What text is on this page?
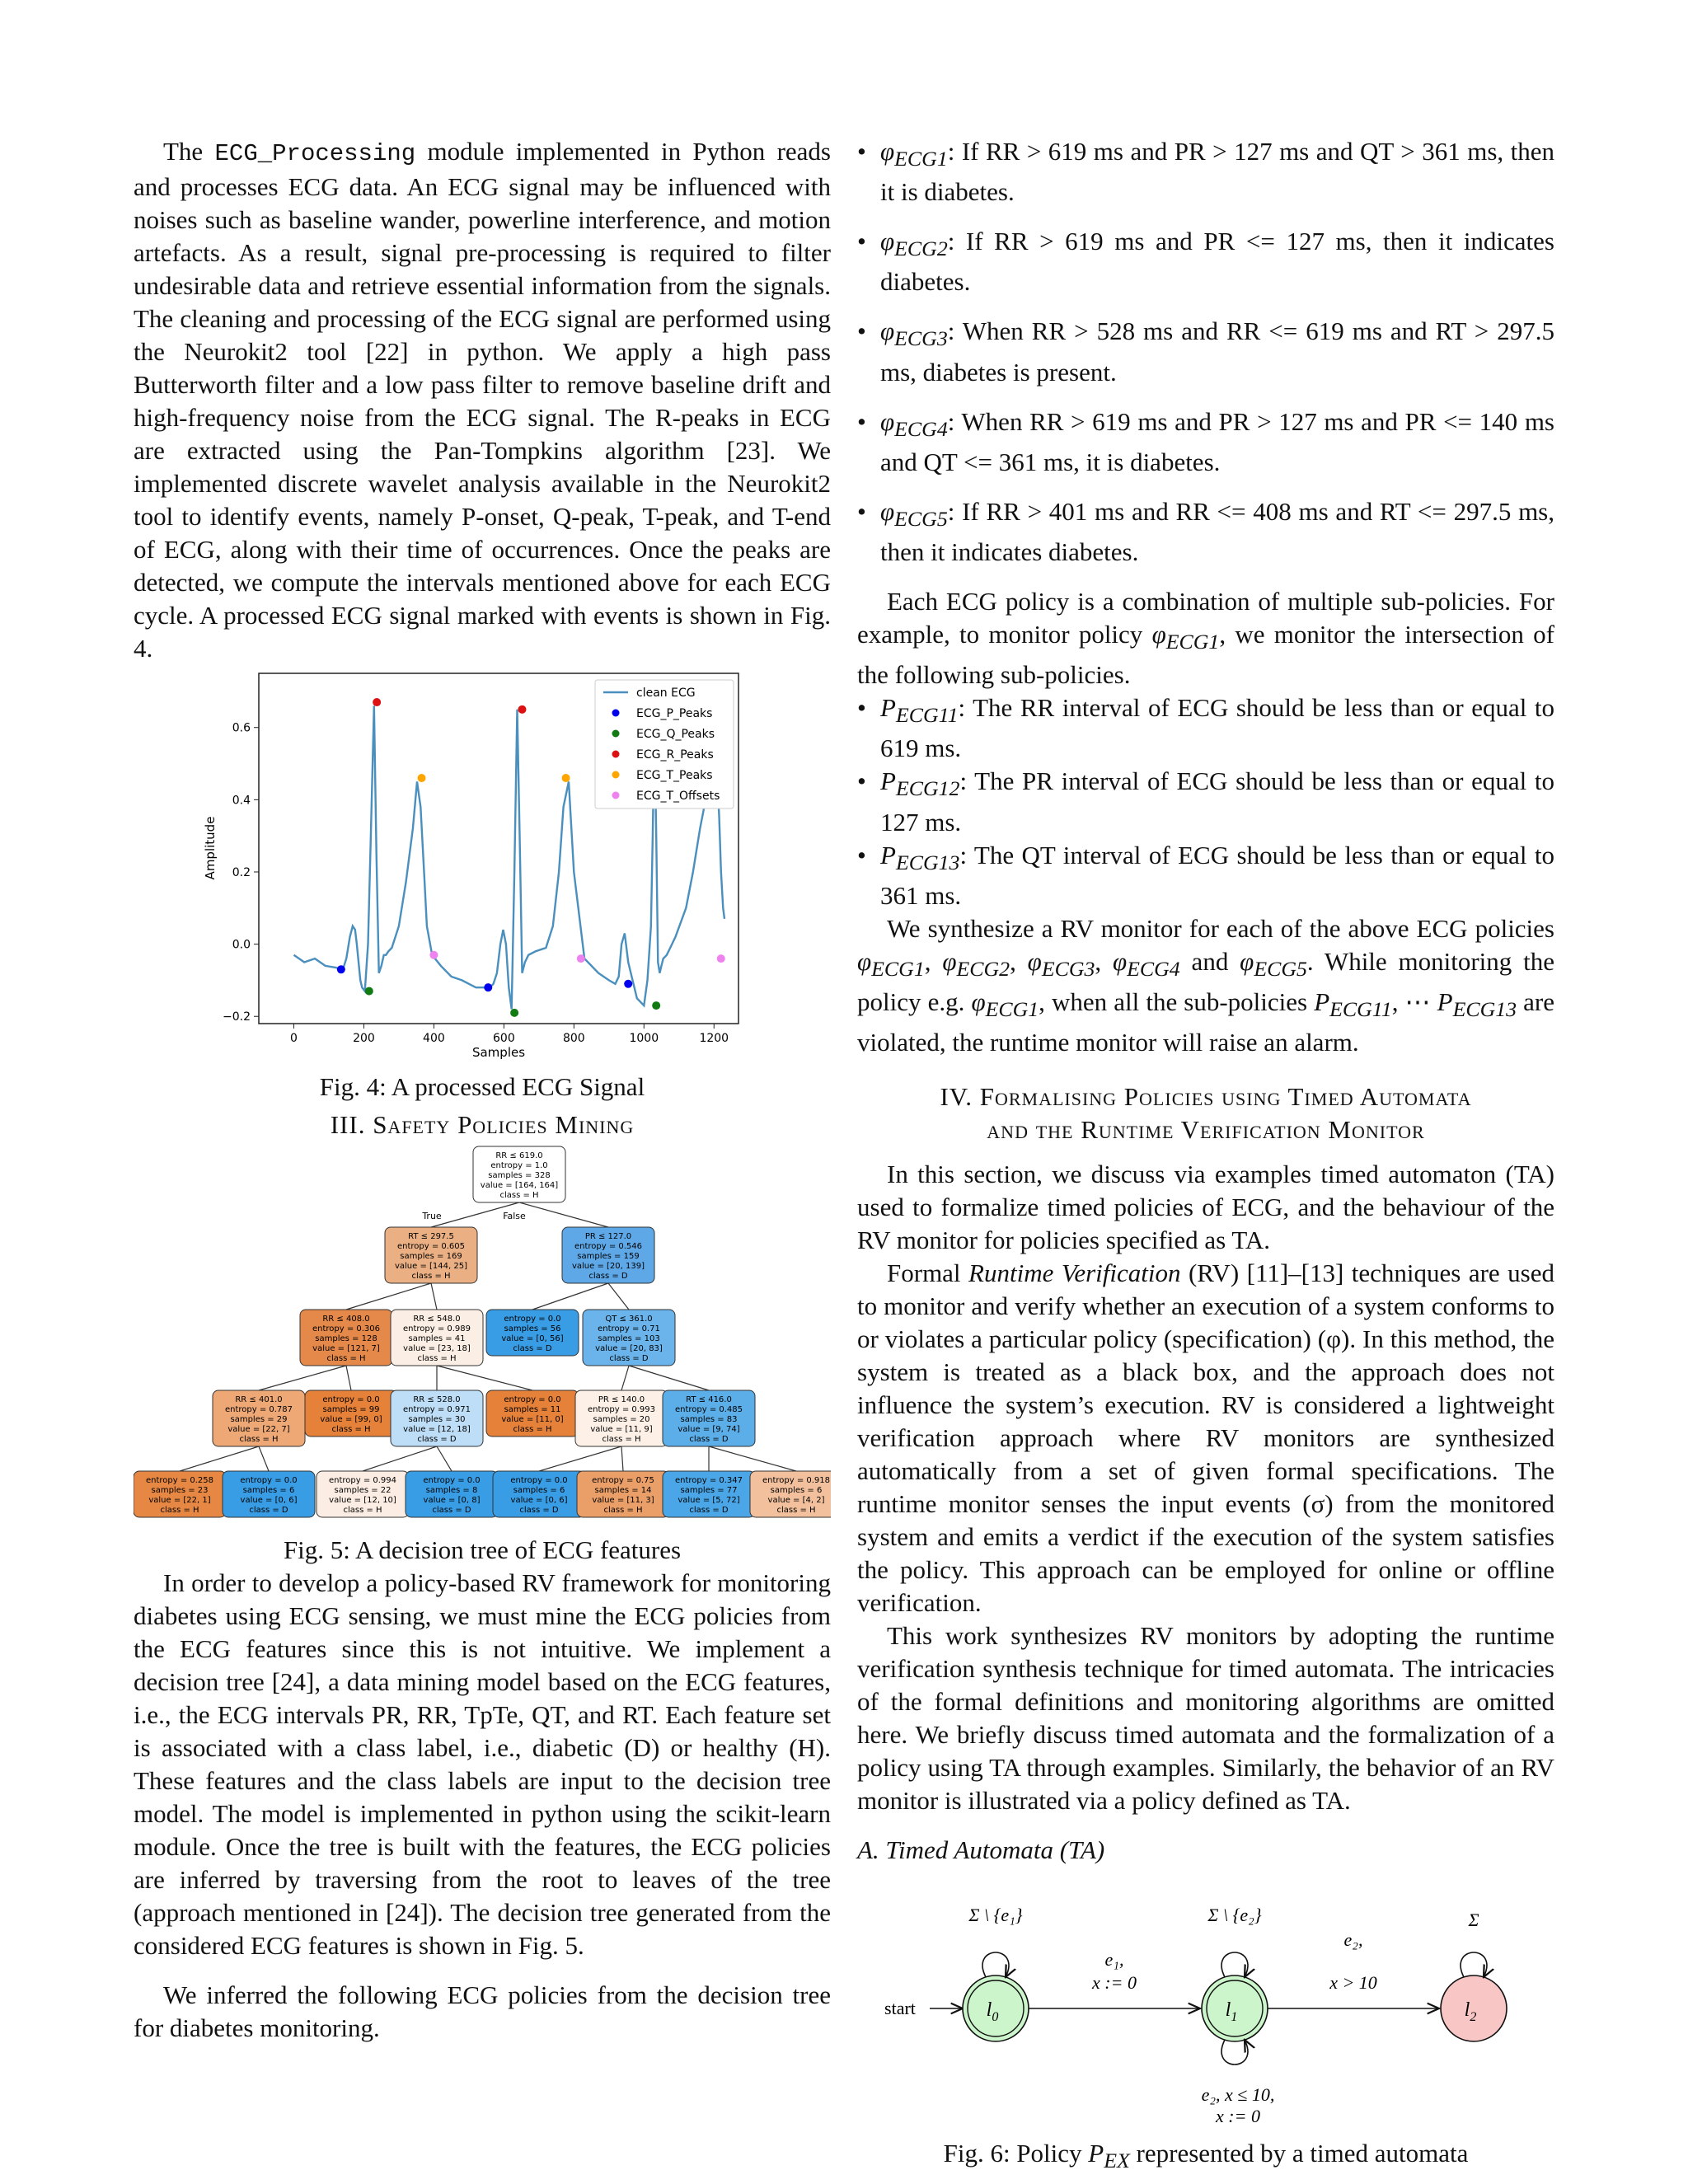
The ECG_Processing module implemented in Python reads and processes ECG data. An ECG signal may be influenced with noises such as baseline wander, powerline interference, and motion artefacts. As a result, signal pre-processing is required to filter undesirable data and retrieve essential information from the signals. The cleaning and processing of the ECG signal are performed using the Neurokit2 tool [22] in python. We apply a high pass Butterworth filter and a low pass filter to remove baseline drift and high-frequency noise from the ECG signal. The R-peaks in ECG are extracted using the Pan-Tompkins algorithm [23]. We implemented discrete wavelet analysis available in the Neurokit2 tool to identify events, namely P-onset, Q-peak, T-peak, and T-end of ECG, along with their time of occurrences. Once the peaks are detected, we compute the intervals mentioned above for each ECG cycle. A processed ECG signal marked with events is shown in Fig. 4.

0	200	400	600	800	1000	1200
0.6
0.4
0.2
0.0
−0.2
Amplitude
Samples
clean ECG
ECG_P_Peaks
ECG_Q_Peaks
ECG_R_Peaks
ECG_T_Peaks
ECG_T_Offsets
Fig. 4: A processed ECG Signal
III. Safety Policies Mining
RR ≤ 619.0
entropy = 1.0
samples = 328
value = [164, 164]
class = H
RT ≤ 297.5
entropy = 0.605
samples = 169
value = [144, 25]
class = H
PR ≤ 127.0
entropy = 0.546
samples = 159
value = [20, 139]
class = D
RR ≤ 408.0
entropy = 0.306
samples = 128
value = [121, 7]
class = H
RR ≤ 548.0
entropy = 0.989
samples = 41
value = [23, 18]
class = H
entropy = 0.0
samples = 56
value = [0, 56]
class = D
QT ≤ 361.0
entropy = 0.71
samples = 103
value = [20, 83]
class = D
RR ≤ 401.0
entropy = 0.787
samples = 29
value = [22, 7]
class = H
entropy = 0.0
samples = 99
value = [99, 0]
class = H
RR ≤ 528.0
entropy = 0.971
samples = 30
value = [12, 18]
class = D
entropy = 0.0
samples = 11
value = [11, 0]
class = H
PR ≤ 140.0
entropy = 0.993
samples = 20
value = [11, 9]
class = H
RT ≤ 416.0
entropy = 0.485
samples = 83
value = [9, 74]
class = D
entropy = 0.258
samples = 23
value = [22, 1]
class = H
entropy = 0.0
samples = 6
value = [0, 6]
class = D
entropy = 0.994
samples = 22
value = [12, 10]
class = H
entropy = 0.0
samples = 8
value = [0, 8]
class = D
entropy = 0.0
samples = 6
value = [0, 6]
class = D
entropy = 0.75
samples = 14
value = [11, 3]
class = H
entropy = 0.347
samples = 77
value = [5, 72]
class = D
entropy = 0.918
samples = 6
value = [4, 2]
class = H
True	False
Fig. 5: A decision tree of ECG features

In order to develop a policy-based RV framework for monitoring diabetes using ECG sensing, we must mine the ECG policies from the ECG features since this is not intuitive. We implement a decision tree [24], a data mining model based on the ECG features, i.e., the ECG intervals PR, RR, TpTe, QT, and RT. Each feature set is associated with a class label, i.e., diabetic (D) or healthy (H). These features and the class labels are input to the decision tree model. The model is implemented in python using the scikit-learn module. Once the tree is built with the features, the ECG policies are inferred by traversing from the root to leaves of the tree (approach mentioned in [24]). The decision tree generated from the considered ECG features is shown in Fig. 5.

We inferred the following ECG policies from the decision tree for diabetes monitoring.

• $\varphi_{ECG1}$: If RR > 619 ms and PR > 127 ms and QT > 361 ms, then it is diabetes.
• $\varphi_{ECG2}$: If RR > 619 ms and PR <= 127 ms, then it indicates diabetes.
• $\varphi_{ECG3}$: When RR > 528 ms and RR <= 619 ms and RT > 297.5 ms, diabetes is present.
• $\varphi_{ECG4}$: When RR > 619 ms and PR > 127 ms and PR <= 140 ms and QT <= 361 ms, it is diabetes.
• $\varphi_{ECG5}$: If RR > 401 ms and RR <= 408 ms and RT <= 297.5 ms, then it indicates diabetes.

Each ECG policy is a combination of multiple sub-policies. For example, to monitor policy $\varphi_{ECG1}$, we monitor the intersection of the following sub-policies.

• $P_{ECG11}$: The RR interval of ECG should be less than or equal to 619 ms.
• $P_{ECG12}$: The PR interval of ECG should be less than or equal to 127 ms.
• $P_{ECG13}$: The QT interval of ECG should be less than or equal to 361 ms.

We synthesize a RV monitor for each of the above ECG policies $\varphi_{ECG1}$, $\varphi_{ECG2}$, $\varphi_{ECG3}$, $\varphi_{ECG4}$ and $\varphi_{ECG5}$. While monitoring the policy e.g. $\varphi_{ECG1}$, when all the sub-policies $P_{ECG11}$, ⋯ $P_{ECG13}$ are violated, the runtime monitor will raise an alarm.

IV. Formalising Policies using Timed Automata
and the Runtime Verification Monitor

In this section, we discuss via examples timed automaton (TA) used to formalize timed policies of ECG, and the behaviour of the RV monitor for policies specified as TA.

Formal Runtime Verification (RV) [11]–[13] techniques are used to monitor and verify whether an execution of a system conforms to or violates a particular policy (specification) (φ). In this method, the system is treated as a black box, and the approach does not influence the system’s execution. RV is considered a lightweight verification approach where RV monitors are synthesized automatically from a set of given formal specifications. The runtime monitor senses the input events (σ) from the monitored system and emits a verdict if the execution of the system satisfies the policy. This approach can be employed for online or offline verification.

This work synthesizes RV monitors by adopting the runtime verification synthesis technique for timed automata. The intricacies of the formal definitions and monitoring algorithms are omitted here. We briefly discuss timed automata and the formalization of a policy using TA through examples. Similarly, the behavior of an RV monitor is illustrated via a policy defined as TA.

A. Timed Automata (TA)
start	$l_0$	$l_1$	$l_2$
Σ \ {e₁}	Σ \ {e₂}	Σ
e₁,
x := 0
e₂,
x > 10
e₂, x ≤ 10,
x := 0
Fig. 6: Policy $P_{EX}$ represented by a timed automata
